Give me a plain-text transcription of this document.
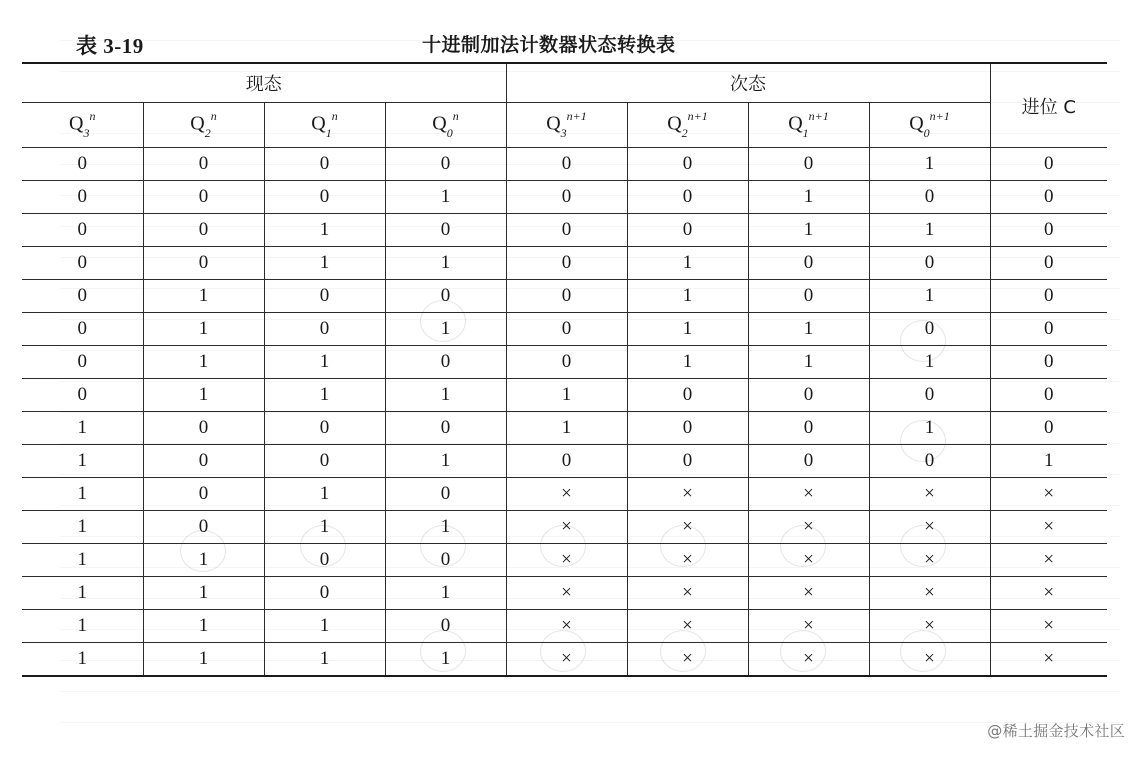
表 3-19	十进制加法计数器状态转换表
现态				次态				进位 C
$Q_3^n$	$Q_2^n$	$Q_1^n$	$Q_0^n$	$Q_3^{n+1}$	$Q_2^{n+1}$	$Q_1^{n+1}$	$Q_0^{n+1}$
0	0	0	0	0	0	0	1	0
0	0	0	1	0	0	1	0	0
0	0	1	0	0	0	1	1	0
0	0	1	1	0	1	0	0	0
0	1	0	0	0	1	0	1	0
0	1	0	1	0	1	1	0	0
0	1	1	0	0	1	1	1	0
0	1	1	1	1	0	0	0	0
1	0	0	0	1	0	0	1	0
1	0	0	1	0	0	0	0	1
1	0	1	0	×	×	×	×	×
1	0	1	1	×	×	×	×	×
1	1	0	0	×	×	×	×	×
1	1	0	1	×	×	×	×	×
1	1	1	0	×	×	×	×	×
1	1	1	1	×	×	×	×	×
@稀土掘金技术社区
